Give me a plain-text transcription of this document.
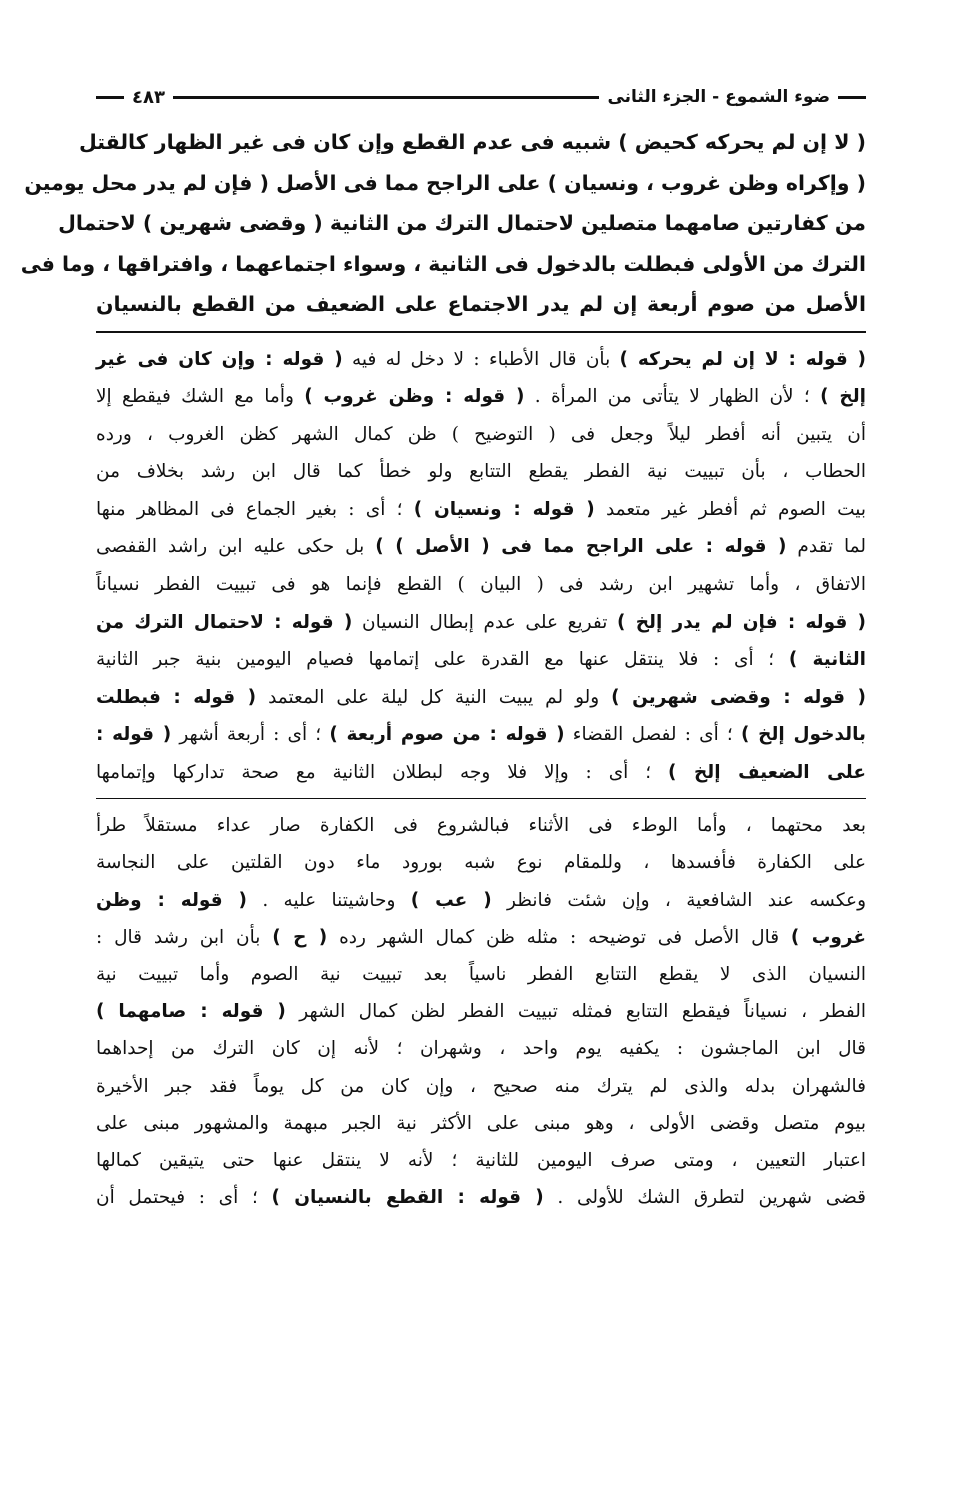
ضوء الشموع - الجزء الثانى
٤٨٣
( لا إن لم يحركه كحيض ) شبيه فى عدم القطع وإن كان فى غير الظهار كالقتل
( وإكراه وظن غروب ، ونسيان ) على الراجح مما فى الأصل ( فإن لم يدر محل يومين
من كفارتين صامهما متصلين لاحتمال الترك من الثانية ( وقضى شهرين ) لاحتمال
الترك من الأولى فبطلت بالدخول فى الثانية ، وسواء اجتماعهما ، وافتراقها ، وما فى
الأصل من صوم أربعة إن لم يدر الاجتماع على الضعيف من القطع بالنسيان
( قوله : لا إن لم يحركه ) بأن قال الأطباء : لا دخل له فيه ( قوله : وإن كان فى غير
إلخ ) ؛ لأن الظهار لا يتأتى من المرأة . ( قوله : وظن غروب ) وأما مع الشك فيقطع إلا
أن يتبين أنه أفطر ليلاً وجعل فى ( التوضيح ) ظن كمال الشهر كظن الغروب ، ورده
الحطاب ، بأن تبييت نية الفطر يقطع التتابع ولو خطأ كما قال ابن رشد بخلاف من
بيت الصوم ثم أفطر غير متعمد ( قوله : ونسيان ) ؛ أى : بغير الجماع فى المظاهر منها
لما تقدم ( قوله : على الراجح مما فى ( الأصل ) ) بل حكى عليه ابن راشد القفصى
الاتفاق ، وأما تشهير ابن رشد فى ( البيان ) القطع فإنما هو فى تبييت الفطر نسياناً
( قوله : فإن لم يدر إلخ ) تفريع على عدم إبطال النسيان ( قوله : لاحتمال الترك من
الثانية ) ؛ أى : فلا ينتقل عنها مع القدرة على إتمامها فصيام اليومين بنية جبر الثانية
( قوله : وقضى شهرين ) ولو لم يبيت النية كل ليلة على المعتمد ( قوله : فبطلت
بالدخول إلخ ) ؛ أى : لفصل القضاء ( قوله : من صوم أربعة ) ؛ أى : أربعة أشهر ( قوله :
على الضعيف إلخ ) ؛ أى : وإلا فلا وجه لبطلان الثانية مع صحة تداركها وإتمامها
بعد محتهما ، وأما الوطء فى الأثناء فبالشروع فى الكفارة صار عداء مستقلاً طرأ
على الكفارة فأفسدها ، وللمقام نوع شبه بورود ماء دون القلتين على النجاسة
وعكسه عند الشافعية ، وإن شئت فانظر ( عب ) وحاشيتنا عليه . ( قوله : وظن
غروب ) قال الأصل فى توضيحه : مثله ظن كمال الشهر رده ( ح ) بأن ابن رشد قال :
النسيان الذى لا يقطع التتابع الفطر ناسياً بعد تبييت نية الصوم وأما تبييت نية
الفطر ، نسياناً فيقطع التتابع فمثله تبييت الفطر لظن كمال الشهر ( قوله : صامهما )
قال ابن الماجشون : يكفيه يوم واحد ، وشهران ؛ لأنه إن كان الترك من إحداهما
فالشهران بدله والذى لم يترك منه صحيح ، وإن كان من كل يوماً فقد جبر الأخيرة
بيوم متصل وقضى الأولى ، وهو مبنى على الأكثر نية الجبر مبهمة والمشهور مبنى على
اعتبار التعيين ، ومتى صرف اليومين للثانية ؛ لأنه لا ينتقل عنها حتى يتيقين كمالها
قضى شهرين لتطرق الشك للأولى . ( قوله : القطع بالنسيان ) ؛ أى : فيحتمل أن
